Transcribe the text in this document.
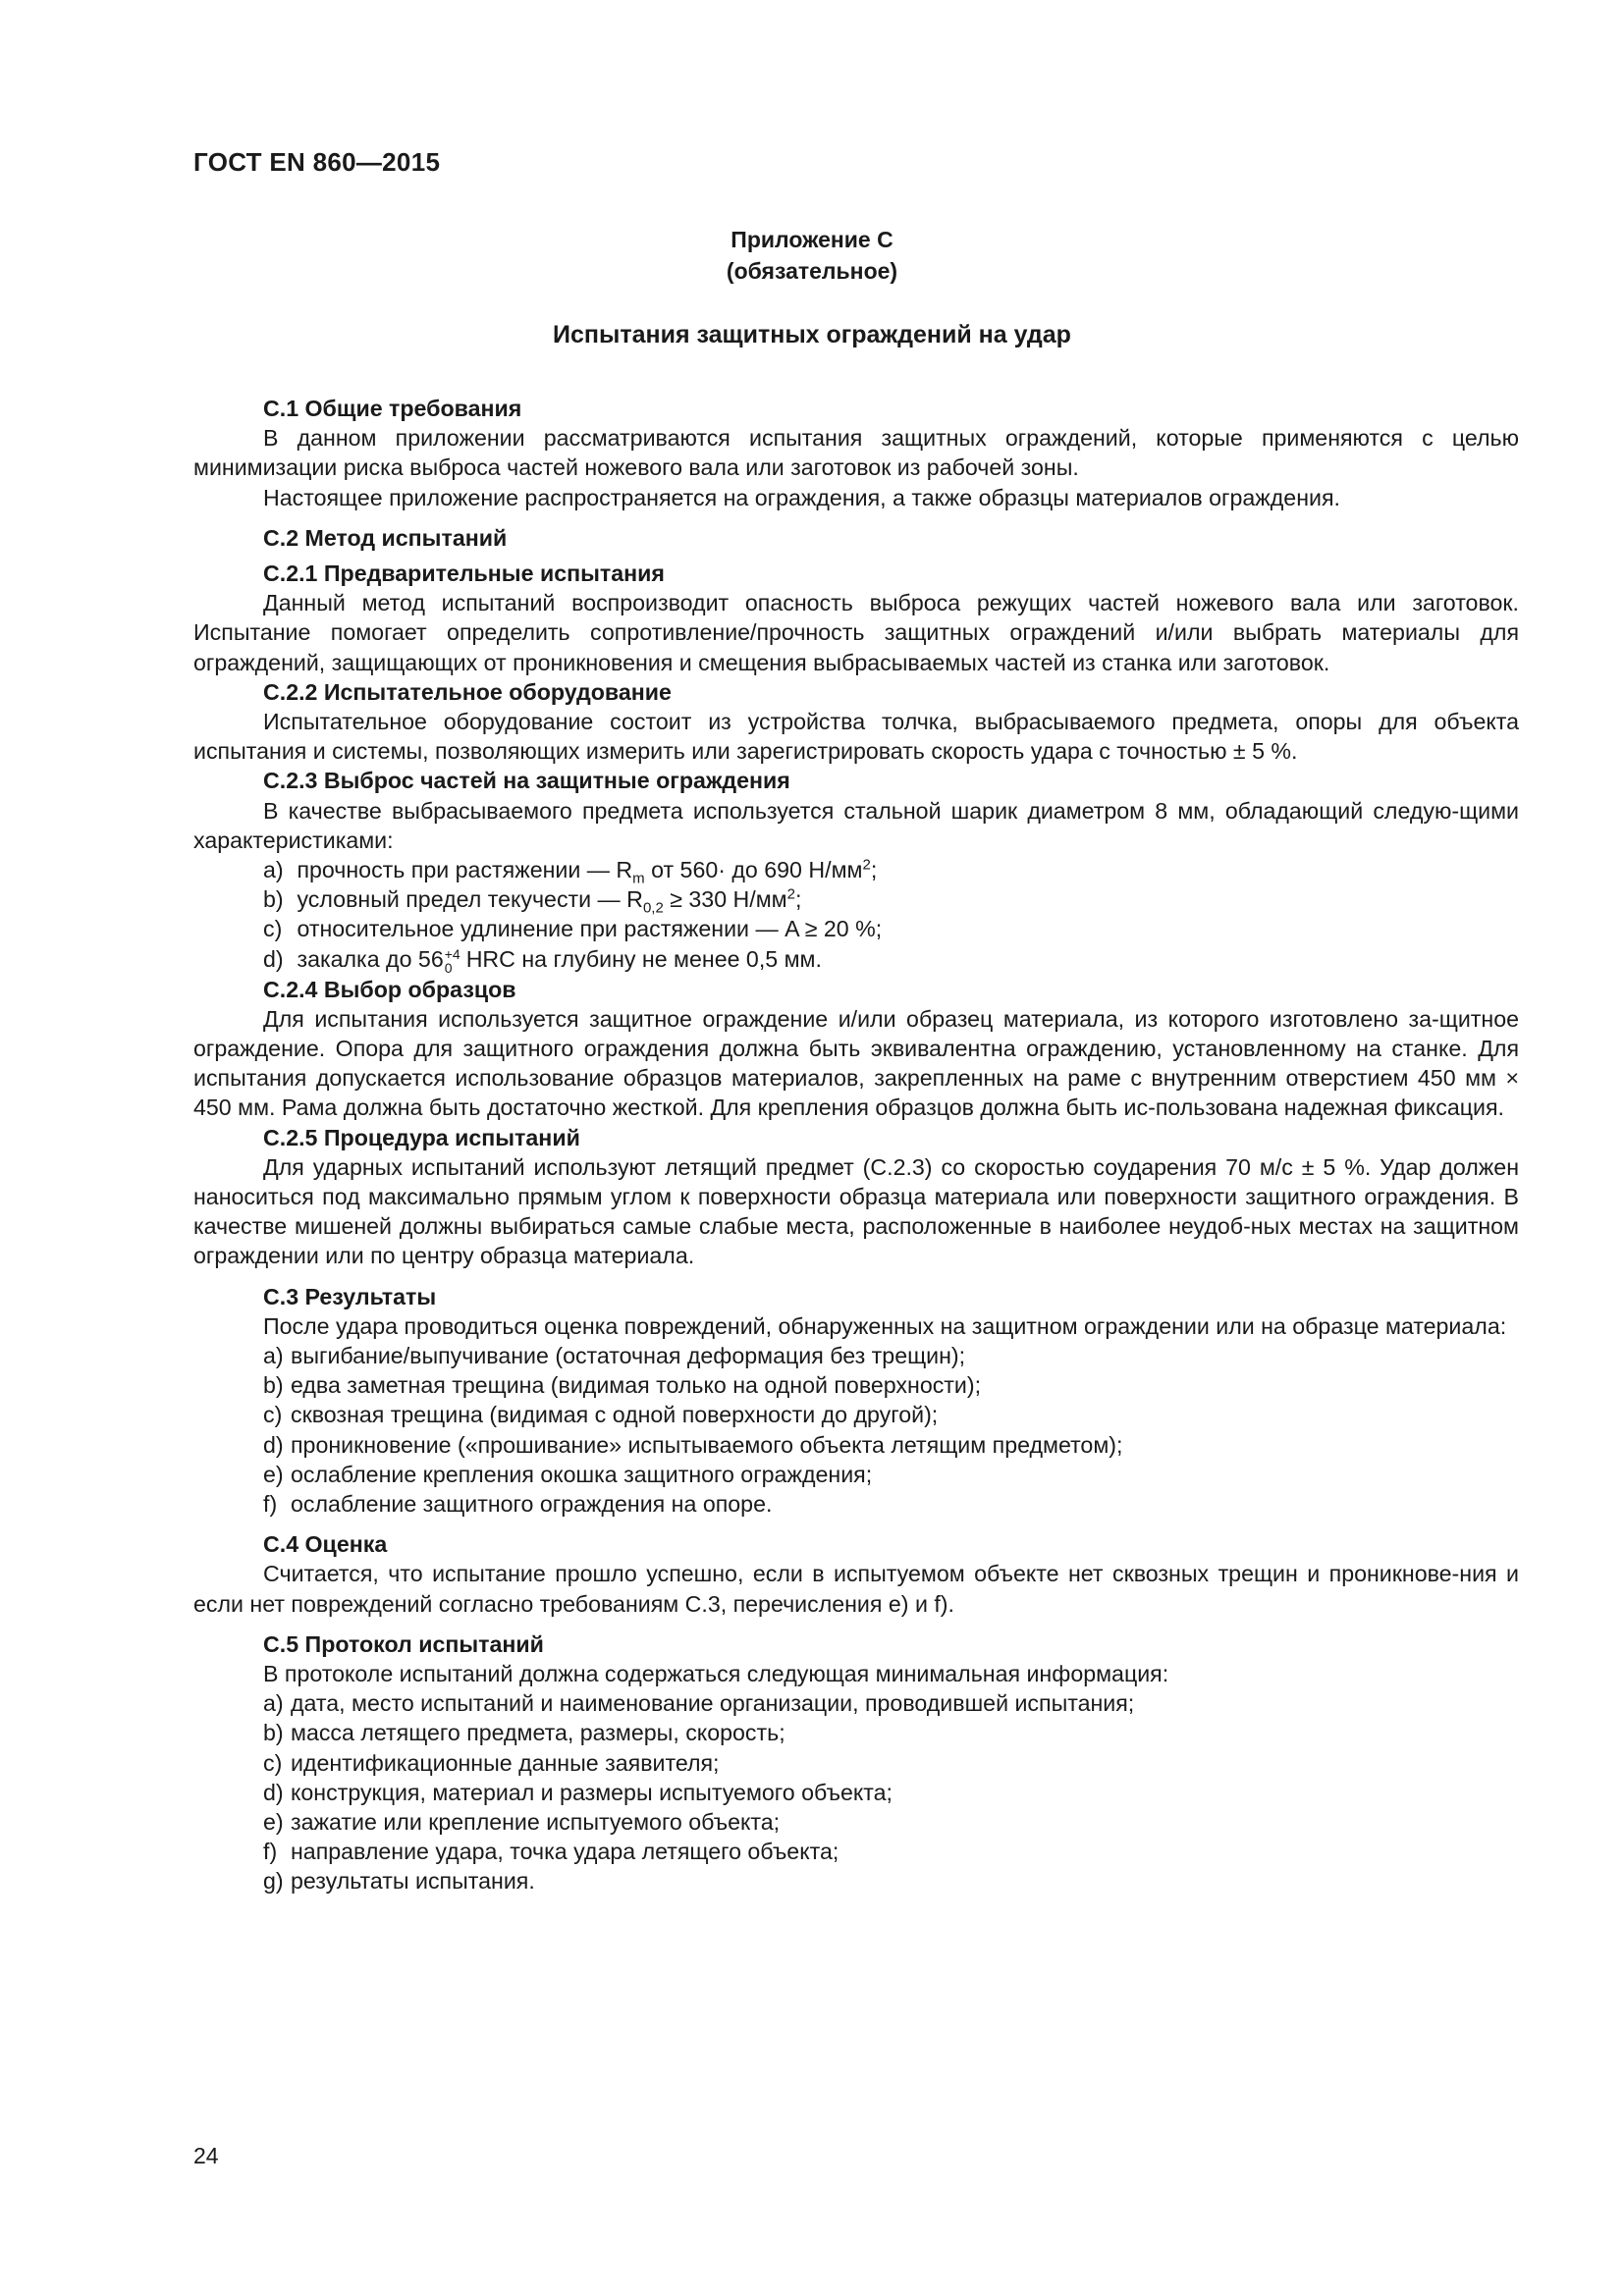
ГОСТ EN 860—2015
Приложение С
(обязательное)
Испытания защитных ограждений на удар

С.1 Общие требования

В данном приложении рассматриваются испытания защитных ограждений, которые применяются с целью минимизации риска выброса частей ножевого вала или заготовок из рабочей зоны.

Настоящее приложение распространяется на ограждения, а также образцы материалов ограждения.

С.2 Метод испытаний

С.2.1 Предварительные испытания

Данный метод испытаний воспроизводит опасность выброса режущих частей ножевого вала или заготовок. Испытание помогает определить сопротивление/прочность защитных ограждений и/или выбрать материалы для ограждений, защищающих от проникновения и смещения выбрасываемых частей из станка или заготовок.

С.2.2 Испытательное оборудование

Испытательное оборудование состоит из устройства толчка, выбрасываемого предмета, опоры для объекта испытания и системы, позволяющих измерить или зарегистрировать скорость удара с точностью ± 5 %.

С.2.3 Выброс частей на защитные ограждения

В качестве выбрасываемого предмета используется стальной шарик диаметром 8 мм, обладающий следую-щими характеристиками:

a) прочность при растяжении — $R_m$ от 560· до 690 $Н/мм^2$;

b) условный предел текучести — $R_{0,2} \ge 330$ $Н/мм^2$;

c) относительное удлинение при растяжении — A ≥ 20 %;

d) закалка до 56 +4
0 HRC на глубину не менее 0,5 мм.

С.2.4 Выбор образцов

Для испытания используется защитное ограждение и/или образец материала, из которого изготовлено за-щитное ограждение. Опора для защитного ограждения должна быть эквивалентна ограждению, установленному на станке. Для испытания допускается использование образцов материалов, закрепленных на раме с внутренним отверстием 450 мм × 450 мм. Рама должна быть достаточно жесткой. Для крепления образцов должна быть ис-пользована надежная фиксация.

С.2.5 Процедура испытаний

Для ударных испытаний используют летящий предмет (С.2.3) со скоростью соударения 70 м/с ± 5 %. Удар должен наноситься под максимально прямым углом к поверхности образца материала или поверхности защитного ограждения. В качестве мишеней должны выбираться самые слабые места, расположенные в наиболее неудоб-ных местах на защитном ограждении или по центру образца материала.

С.3 Результаты

После удара проводиться оценка повреждений, обнаруженных на защитном ограждении или на образце материала:

a) выгибание/выпучивание (остаточная деформация без трещин);

b) едва заметная трещина (видимая только на одной поверхности);

c) сквозная трещина (видимая с одной поверхности до другой);

d) проникновение («прошивание» испытываемого объекта летящим предметом);

e) ослабление крепления окошка защитного ограждения;

f) ослабление защитного ограждения на опоре.

С.4 Оценка

Считается, что испытание прошло успешно, если в испытуемом объекте нет сквозных трещин и проникнове-ния и если нет повреждений согласно требованиям С.3, перечисления e) и f).

С.5 Протокол испытаний

В протоколе испытаний должна содержаться следующая минимальная информация:

a) дата, место испытаний и наименование организации, проводившей испытания;

b) масса летящего предмета, размеры, скорость;

c) идентификационные данные заявителя;

d) конструкция, материал и размеры испытуемого объекта;

e) зажатие или крепление испытуемого объекта;

f) направление удара, точка удара летящего объекта;

g) результаты испытания.

24
